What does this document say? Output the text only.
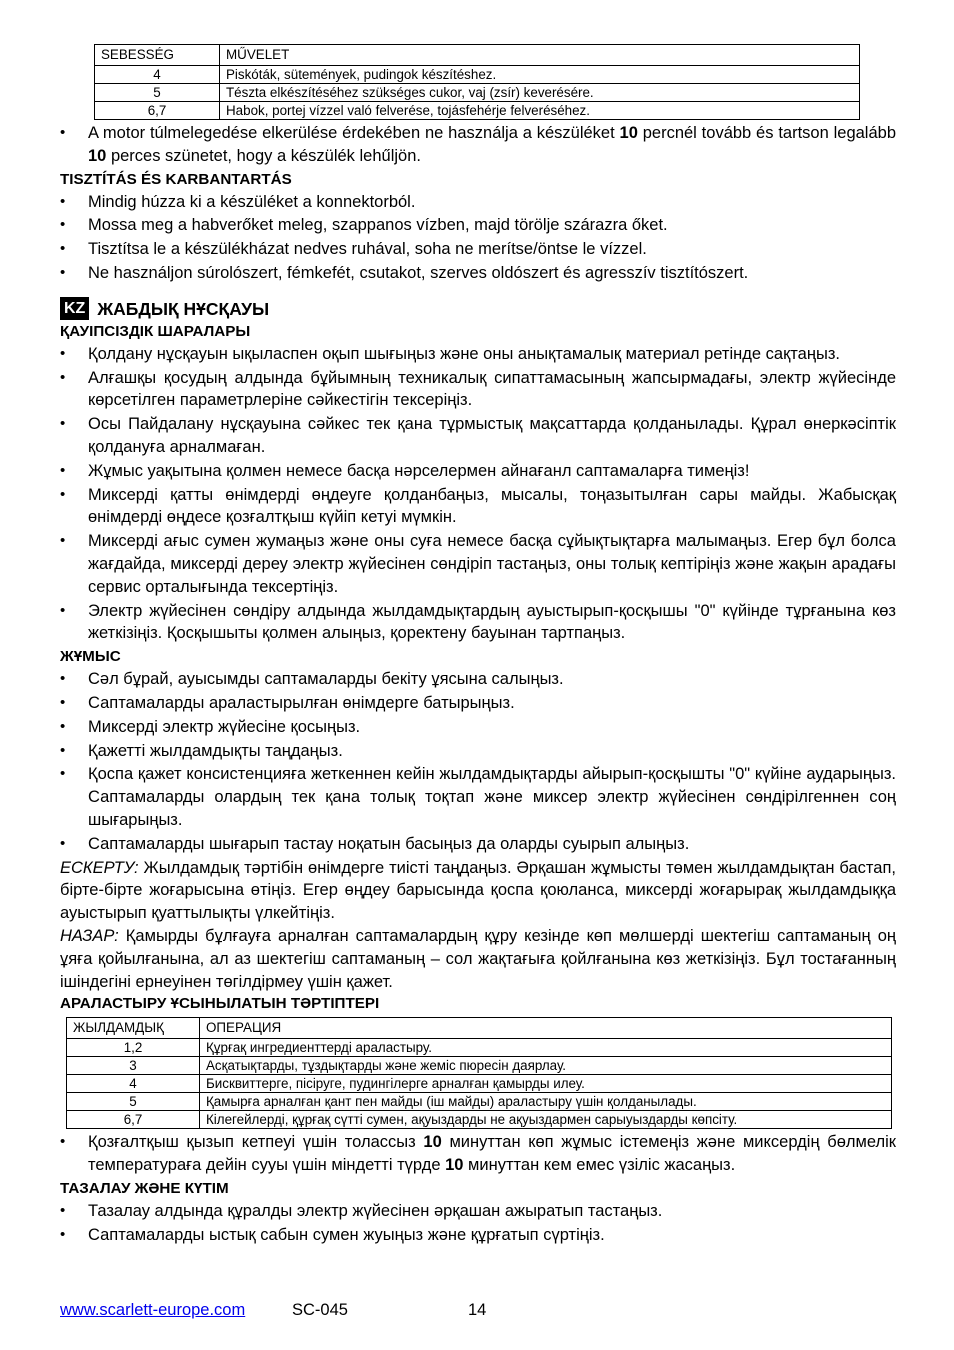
SEBESSÉG	MŰVELET
4	Piskóták, sütemények, pudingok készítéshez.
5	Tészta elkészítéséhez szükséges cukor, vaj (zsír) keverésére.
6,7	Habok, portej vízzel való felverése, tojásfehérje felveréséhez.
• A motor túlmelegedése elkerülése érdekében ne használja a készüléket 10 percnél tovább és tartson legalább 10 perces szünetet, hogy a készülék lehűljön.

TISZTÍTÁS ÉS KARBANTARTÁS

• Mindig húzza ki a készüléket a konnektorból.
• Mossa meg a habverőket meleg, szappanos vízben, majd törölje szárazra őket.
• Tisztítsa le a készülékházat nedves ruhával, soha ne merítse/öntse le vízzel.
• Ne használjon súrolószert, fémkefét, csutakot, szerves oldószert és agresszív tisztítószert.
KZ ЖАБДЫҚ НҰСҚАУЫ

ҚАУІПСІЗДІК ШАРАЛАРЫ

• Қолдану нұсқауын ықыласпен оқып шығыңыз және оны анықтамалық материал ретінде сақтаңыз.
• Алғашқы қосудың алдында бұйымның техникалық сипаттамасының жапсырмадағы, электр жүйесінде көрсетілген параметрлеріне сәйкестігін тексеріңіз.
• Осы Пайдалану нұсқауына сәйкес тек қана тұрмыстық мақсаттарда қолданылады. Құрал өнеркәсіптік қолдануға арналмаған.
• Жұмыс уақытына қолмен немесе басқа нәрселермен айнағанл саптамаларға тимеңіз!
• Миксерді қатты өнімдерді өңдеуге қолданбаңыз, мысалы, тоңазытылған сары майды. Жабысқақ өнімдерді өңдесе қозғалтқыш күйіп кетуі мүмкін.
• Миксерді ағыс сумен жумаңыз және оны суға немесе басқа сұйықтықтарға малымаңыз. Егер бұл болса жағдайда, миксерді дереу электр жүйесінен сөндіріп тастаңыз, оны толық кептіріңіз және жақын арадағы сервис орталығында тексертіңіз.
• Электр жүйесінен сөндіру алдында жылдамдықтардың ауыстырып-қосқышы "0" күйінде тұрғанына көз жеткізіңіз. Қосқышыты қолмен алыңыз, қоректену бауынан тартпаңыз.

ЖҰМЫС

• Сәл бұрай, ауысымды саптамаларды бекіту ұясына салыңыз.
• Саптамаларды араластырылған өнімдерге батырыңыз.
• Миксерді электр жүйесіне қосыңыз.
• Қажетті жылдамдықты таңдаңыз.
• Қоспа қажет консистенцияға жеткеннен кейін жылдамдықтарды айырып-қосқышты "0" күйіне аударыңыз. Саптамаларды олардың тек қана толық тоқтап және миксер электр жүйесінен сөндірілгеннен соң шығарыңыз.
• Саптамаларды шығарып тастау ноқатын басыңыз да оларды суырып алыңыз.

ЕСКЕРТУ: Жылдамдық тәртібін өнімдерге тиісті таңдаңыз. Әрқашан жұмысты төмен жылдамдықтан бастап, бірте-бірте жоғарысына өтіңіз. Егер өңдеу барысында қоспа қоюланса, миксерді жоғарырақ жылдамдыққа ауыстырып қуаттылықты үлкейтіңіз.

НАЗАР: Қамырды бұлғауға арналған саптамалардың құру кезінде көп мөлшерді шектегіш саптаманың оң ұяға қойылғанына, ал аз шектегіш саптаманың – сол жақтағыға қойлғанына көз жеткізіңіз. Бұл тостағанның ішіндегіні ернеуінен төгілдірмеу үшін қажет.

АРАЛАСТЫРУ ҰСЫНЫЛАТЫН ТӘРТІПТЕРІ

ЖЫЛДАМДЫҚ	ОПЕРАЦИЯ
1,2	Құрғақ ингредиенттерді араластыру.
3	Асқатықтарды, тұздықтарды және жеміс пюресін даярлау.
4	Бисквиттерге, пісіруге, пудингілерге арналған қамырды илеу.
5	Қамырға арналған қант пен майды (іш майды) араластыру үшін қолданылады.
6,7	Кілегейлерді, құрғақ сүтті сумен, ақуыздарды не ақуыздармен сарыуыздарды көпсіту.
• Қозғалтқыш қызып кетпеуі үшін толассыз 10 минуттан көп жұмыс істемеңіз және миксердің бөлмелік температураға дейін сууы үшін міндетті түрде 10 минуттан кем емес үзіліс жасаңыз.

ТАЗАЛАУ ЖӘНЕ КҮТІМ

• Тазалау алдында құралды электр жүйесінен әрқашан ажыратып тастаңыз.
• Саптамаларды ыстық сабын сумен жуыңыз және құрғатып сүртіңіз.
www.scarlett-europe.com	SC-045	14
